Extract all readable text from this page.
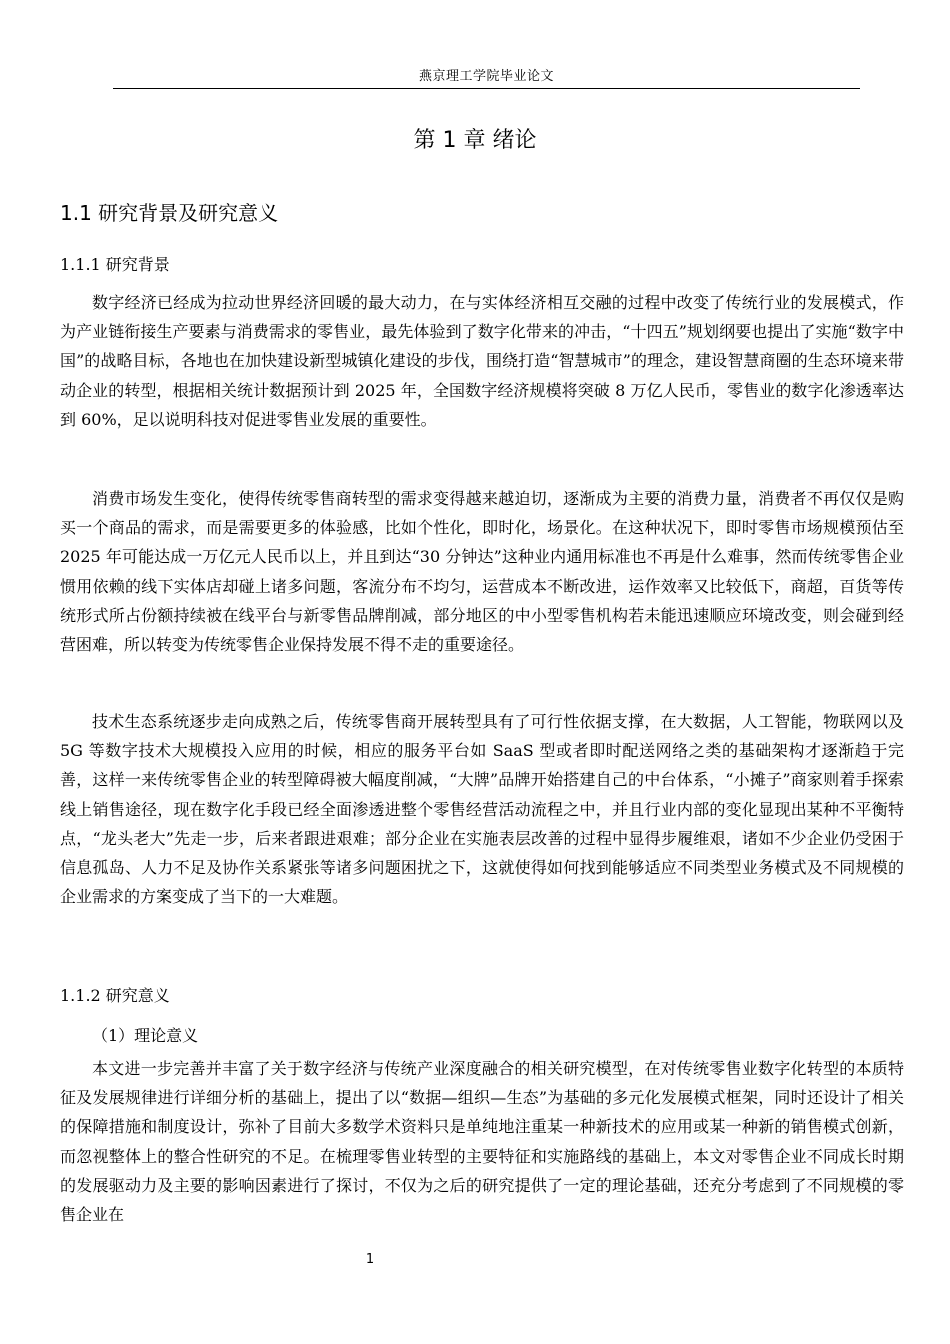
燕京理工学院毕业论文
第 1 章 绪论
1.1 研究背景及研究意义
1.1.1 研究背景

数字经济已经成为拉动世界经济回暖的最大动力，在与实体经济相互交融的过程中改变了传统行业的发展模式，作为产业链衔接生产要素与消费需求的零售业，最先体验到了数字化带来的冲击，“十四五”规划纲要也提出了实施“数字中国”的战略目标，各地也在加快建设新型城镇化建设的步伐，围绕打造“智慧城市”的理念，建设智慧商圈的生态环境来带动企业的转型，根据相关统计数据预计到 2025 年，全国数字经济规模将突破 8 万亿人民币，零售业的数字化渗透率达到 60%，足以说明科技对促进零售业发展的重要性。

消费市场发生变化，使得传统零售商转型的需求变得越来越迫切，逐渐成为主要的消费力量，消费者不再仅仅是购买一个商品的需求，而是需要更多的体验感，比如个性化，即时化，场景化。在这种状况下，即时零售市场规模预估至 2025 年可能达成一万亿元人民币以上，并且到达“30 分钟达”这种业内通用标准也不再是什么难事，然而传统零售企业惯用依赖的线下实体店却碰上诸多问题，客流分布不均匀，运营成本不断改进，运作效率又比较低下，商超，百货等传统形式所占份额持续被在线平台与新零售品牌削减，部分地区的中小型零售机构若未能迅速顺应环境改变，则会碰到经营困难，所以转变为传统零售企业保持发展不得不走的重要途径。

技术生态系统逐步走向成熟之后，传统零售商开展转型具有了可行性依据支撑，在大数据，人工智能，物联网以及 5G 等数字技术大规模投入应用的时候，相应的服务平台如 SaaS 型或者即时配送网络之类的基础架构才逐渐趋于完善，这样一来传统零售企业的转型障碍被大幅度削减，“大牌”品牌开始搭建自己的中台体系，“小摊子”商家则着手探索线上销售途径，现在数字化手段已经全面渗透进整个零售经营活动流程之中，并且行业内部的变化显现出某种不平衡特点，“龙头老大”先走一步，后来者跟进艰难；部分企业在实施表层改善的过程中显得步履维艰，诸如不少企业仍受困于信息孤岛、人力不足及协作关系紧张等诸多问题困扰之下，这就使得如何找到能够适应不同类型业务模式及不同规模的企业需求的方案变成了当下的一大难题。

1.1.2 研究意义
（1）理论意义

本文进一步完善并丰富了关于数字经济与传统产业深度融合的相关研究模型，在对传统零售业数字化转型的本质特征及发展规律进行详细分析的基础上，提出了以“数据—组织—生态”为基础的多元化发展模式框架，同时还设计了相关的保障措施和制度设计，弥补了目前大多数学术资料只是单纯地注重某一种新技术的应用或某一种新的销售模式创新，而忽视整体上的整合性研究的不足。在梳理零售业转型的主要特征和实施路线的基础上，本文对零售企业不同成长时期的发展驱动力及主要的影响因素进行了探讨，不仅为之后的研究提供了一定的理论基础，还充分考虑到了不同规模的零售企业在

1
